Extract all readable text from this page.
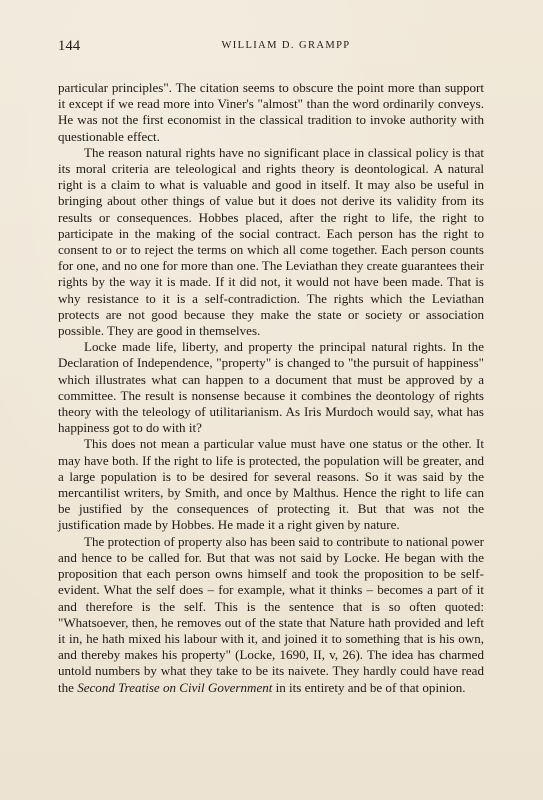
144	WILLIAM D. GRAMPP

particular principles". The citation seems to obscure the point more than support it except if we read more into Viner's "almost" than the word ordinarily conveys. He was not the first economist in the classical tradition to invoke authority with questionable effect.

The reason natural rights have no significant place in classical policy is that its moral criteria are teleological and rights theory is deontological. A natural right is a claim to what is valuable and good in itself. It may also be useful in bringing about other things of value but it does not derive its validity from its results or consequences. Hobbes placed, after the right to life, the right to participate in the making of the social contract. Each person has the right to consent to or to reject the terms on which all come together. Each person counts for one, and no one for more than one. The Leviathan they create guarantees their rights by the way it is made. If it did not, it would not have been made. That is why resistance to it is a self-contradiction. The rights which the Leviathan protects are not good because they make the state or society or association possible. They are good in themselves.

Locke made life, liberty, and property the principal natural rights. In the Declaration of Independence, "property" is changed to "the pursuit of happiness" which illustrates what can happen to a document that must be approved by a committee. The result is nonsense because it combines the deontology of rights theory with the teleology of utilitarianism. As Iris Murdoch would say, what has happiness got to do with it?

This does not mean a particular value must have one status or the other. It may have both. If the right to life is protected, the population will be greater, and a large population is to be desired for several reasons. So it was said by the mercantilist writers, by Smith, and once by Malthus. Hence the right to life can be justified by the consequences of protecting it. But that was not the justification made by Hobbes. He made it a right given by nature.

The protection of property also has been said to contribute to national power and hence to be called for. But that was not said by Locke. He began with the proposition that each person owns himself and took the proposition to be self-evident. What the self does – for example, what it thinks – becomes a part of it and therefore is the self. This is the sentence that is so often quoted: "Whatsoever, then, he removes out of the state that Nature hath provided and left it in, he hath mixed his labour with it, and joined it to something that is his own, and thereby makes his property" (Locke, 1690, II, v, 26). The idea has charmed untold numbers by what they take to be its naivete. They hardly could have read the Second Treatise on Civil Government in its entirety and be of that opinion.
